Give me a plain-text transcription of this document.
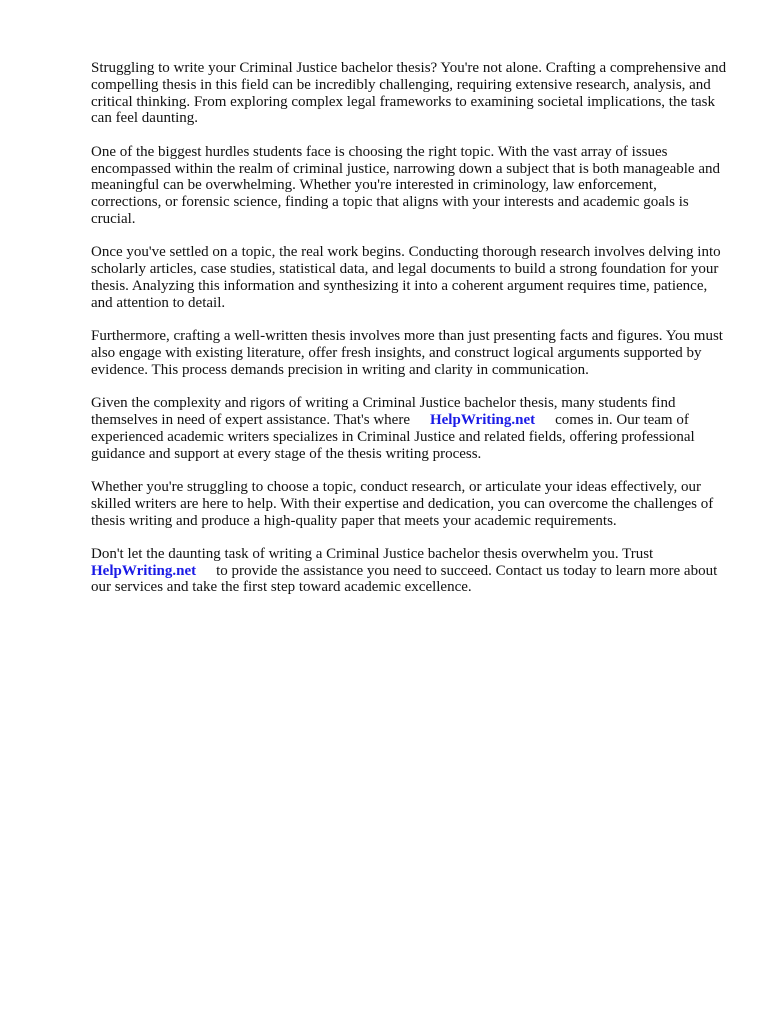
Struggling to write your Criminal Justice bachelor thesis? You're not alone. Crafting a comprehensive and compelling thesis in this field can be incredibly challenging, requiring extensive research, analysis, and critical thinking. From exploring complex legal frameworks to examining societal implications, the task can feel daunting.

One of the biggest hurdles students face is choosing the right topic. With the vast array of issues encompassed within the realm of criminal justice, narrowing down a subject that is both manageable and meaningful can be overwhelming. Whether you're interested in criminology, law enforcement, corrections, or forensic science, finding a topic that aligns with your interests and academic goals is crucial.

Once you've settled on a topic, the real work begins. Conducting thorough research involves delving into scholarly articles, case studies, statistical data, and legal documents to build a strong foundation for your thesis. Analyzing this information and synthesizing it into a coherent argument requires time, patience, and attention to detail.

Furthermore, crafting a well-written thesis involves more than just presenting facts and figures. You must also engage with existing literature, offer fresh insights, and construct logical arguments supported by evidence. This process demands precision in writing and clarity in communication.

Given the complexity and rigors of writing a Criminal Justice bachelor thesis, many students find themselves in need of expert assistance. That's where HelpWriting.net comes in. Our team of experienced academic writers specializes in Criminal Justice and related fields, offering professional guidance and support at every stage of the thesis writing process.

Whether you're struggling to choose a topic, conduct research, or articulate your ideas effectively, our skilled writers are here to help. With their expertise and dedication, you can overcome the challenges of thesis writing and produce a high-quality paper that meets your academic requirements.

Don't let the daunting task of writing a Criminal Justice bachelor thesis overwhelm you. Trust HelpWriting.net to provide the assistance you need to succeed. Contact us today to learn more about our services and take the first step toward academic excellence.
